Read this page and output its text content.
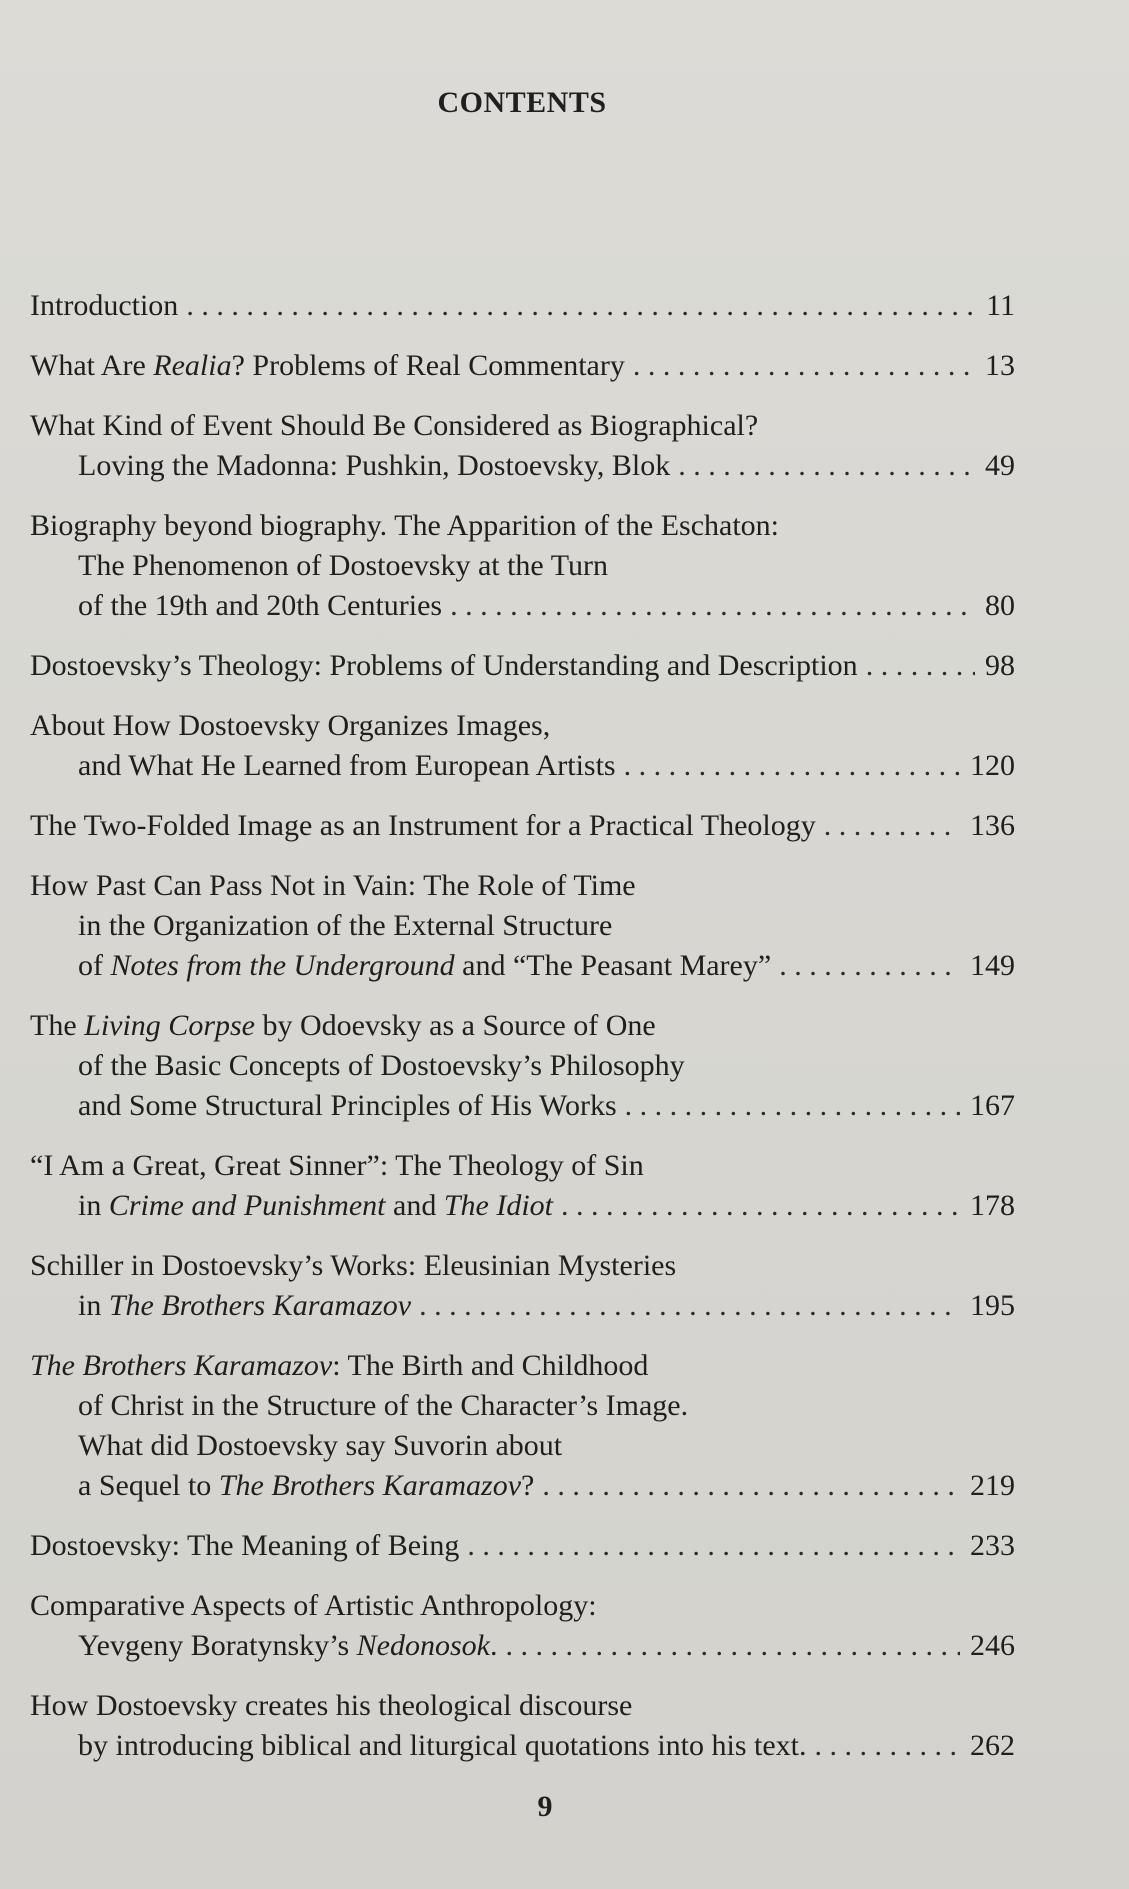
CONTENTS
Introduction . . .	11
What Are Realia? Problems of Real Commentary . . .	13
What Kind of Event Should Be Considered as Biographical?
Loving the Madonna: Pushkin, Dostoevsky, Blok . . .	49
Biography beyond biography. The Apparition of the Eschaton:
The Phenomenon of Dostoevsky at the Turn
of the 19th and 20th Centuries . . .	80
Dostoevsky’s Theology: Problems of Understanding and Description . . .	98
About How Dostoevsky Organizes Images,
and What He Learned from European Artists . . .	120
The Two-Folded Image as an Instrument for a Practical Theology . . .	136
How Past Can Pass Not in Vain: The Role of Time
in the Organization of the External Structure
of Notes from the Underground and “The Peasant Marey” . . .	149
The Living Corpse by Odoevsky as a Source of One
of the Basic Concepts of Dostoevsky’s Philosophy
and Some Structural Principles of His Works . . .	167
“I Am a Great, Great Sinner”: The Theology of Sin
in Crime and Punishment and The Idiot . . .	178
Schiller in Dostoevsky’s Works: Eleusinian Mysteries
in The Brothers Karamazov . . .	195
The Brothers Karamazov: The Birth and Childhood
of Christ in the Structure of the Character’s Image.
What did Dostoevsky say Suvorin about
a Sequel to The Brothers Karamazov? . . .	219
Dostoevsky: The Meaning of Being . . .	233
Comparative Aspects of Artistic Anthropology:
Yevgeny Boratynsky’s Nedonosok. . . .	246
How Dostoevsky creates his theological discourse
by introducing biblical and liturgical quotations into his text. . . .	262
9
